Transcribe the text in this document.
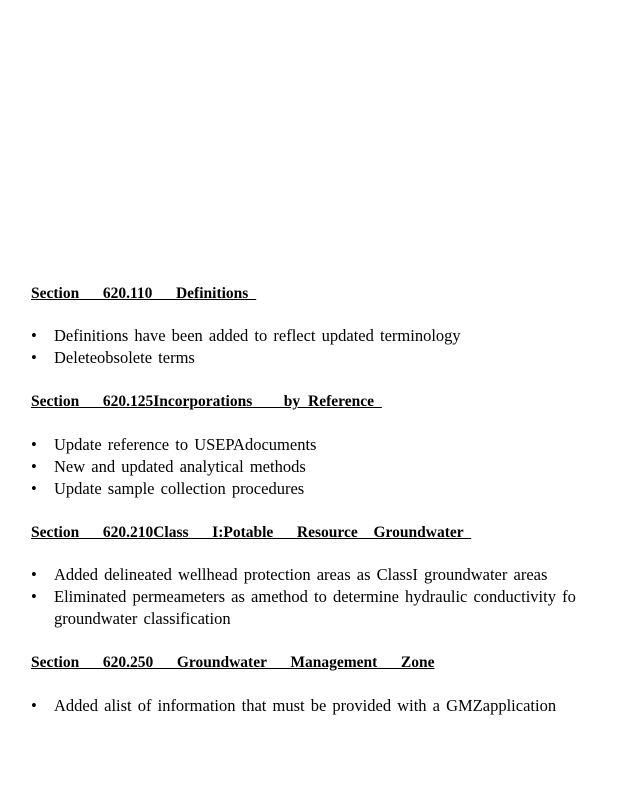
Section   620.110   Definitions

• Definitions have been added to reflect updated terminology
• Deleteobsolete terms

Section   620.125Incorporations    by Reference

• Update reference to USEPAdocuments
• New and updated analytical methods
• Update sample collection procedures

Section   620.210Class   I:Potable   Resource  Groundwater

• Added delineated wellhead protection areas as ClassI groundwater areas
• Eliminated permeameters as amethod to determine hydraulic conductivity fo
groundwater classification

Section   620.250   Groundwater   Management   Zone

• Added alist of information that must be provided with a GMZapplication
